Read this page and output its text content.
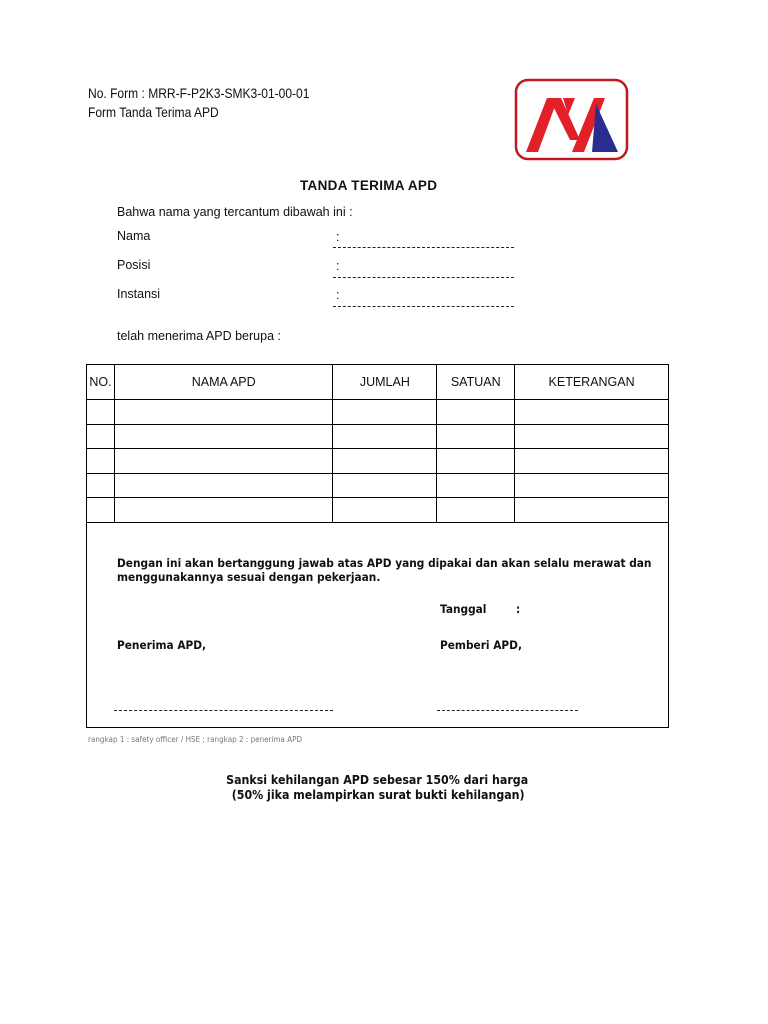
No. Form : MRR-F-P2K3-SMK3-01-00-01
Form Tanda Terima APD
TANDA TERIMA APD
Bahwa nama yang tercantum dibawah ini :
Nama	:
Posisi	:
Instansi	:
telah menerima APD berupa :
NO.	NAMA APD	JUMLAH	SATUAN	KETERANGAN

Dengan ini akan bertanggung jawab atas APD yang dipakai dan akan selalu merawat dan
menggunakannya sesuai dengan pekerjaan.
Tanggal	:
Penerima APD,	Pemberi APD,
rangkap 1 : safety officer / HSE ; rangkap 2 : penerima APD
Sanksi kehilangan APD sebesar 150% dari harga
(50% jika melampirkan surat bukti kehilangan)
